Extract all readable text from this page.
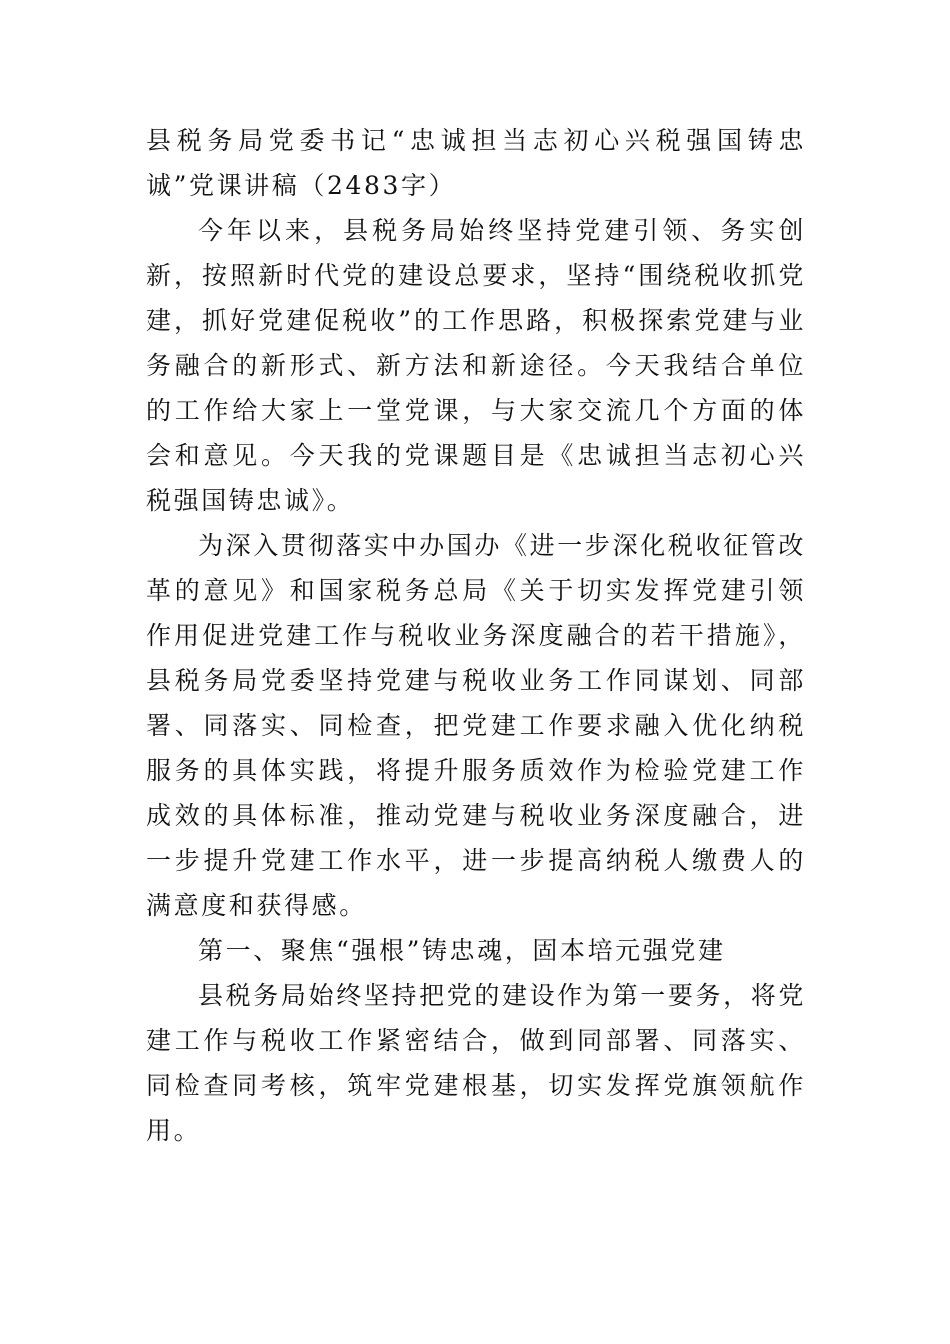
县税务局党委书记“忠诚担当志初心兴税强国铸忠诚”党课讲稿（2483字）

今年以来，县税务局始终坚持党建引领、务实创新，按照新时代党的建设总要求，坚持“围绕税收抓党建，抓好党建促税收”的工作思路，积极探索党建与业务融合的新形式、新方法和新途径。今天我结合单位的工作给大家上一堂党课，与大家交流几个方面的体会和意见。今天我的党课题目是《忠诚担当志初心兴税强国铸忠诚》。

为深入贯彻落实中办国办《进一步深化税收征管改革的意见》和国家税务总局《关于切实发挥党建引领作用促进党建工作与税收业务深度融合的若干措施》，县税务局党委坚持党建与税收业务工作同谋划、同部署、同落实、同检查，把党建工作要求融入优化纳税服务的具体实践，将提升服务质效作为检验党建工作成效的具体标准，推动党建与税收业务深度融合，进一步提升党建工作水平，进一步提高纳税人缴费人的满意度和获得感。

第一、聚焦“强根”铸忠魂，固本培元强党建

县税务局始终坚持把党的建设作为第一要务，将党建工作与税收工作紧密结合，做到同部署、同落实、同检查同考核，筑牢党建根基，切实发挥党旗领航作用。
